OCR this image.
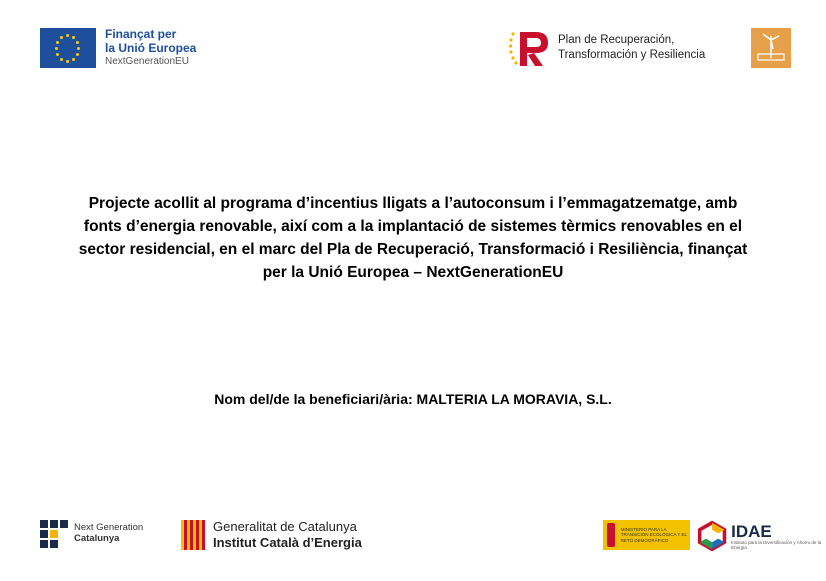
Finançat per
la Unió Europea
NextGenerationEU
Plan de Recuperación,
Transformación y Resiliencia
Projecte acollit al programa d’incentius lligats a l’autoconsum i l’emmagatzematge, amb
fonts d’energia renovable, així com a la implantació de sistemes tèrmics renovables en el
sector residencial, en el marc del Pla de Recuperació, Transformació i Resiliència, finançat
per la Unió Europea – NextGenerationEU
Nom del/de la beneficiari/ària: MALTERIA LA MORAVIA, S.L.
Next Generation
Catalunya
Generalitat de Catalunya
Institut Català d’Energia
MINISTERIO PARA LA TRANSICIÓN ECOLÓGICA Y EL RETO DEMOGRÁFICO	IDAE
Instituto para la Diversificación y Ahorro de la Energía
